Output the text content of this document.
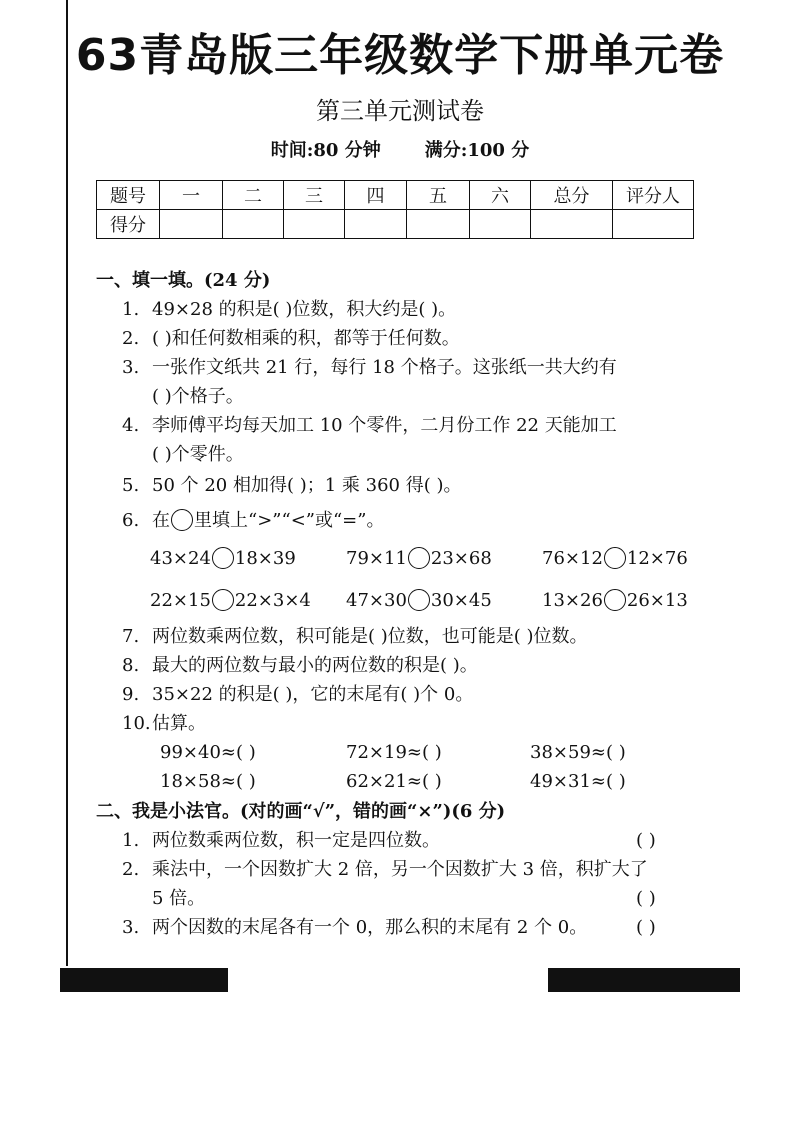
63青岛版三年级数学下册单元卷
第三单元测试卷
时间:80 分钟 满分:100 分
题号	一	二	三	四	五	六	总分	评分人
得分								
一、填一填。(24 分)
1. 49×28 的积是( )位数，积大约是( )。
2. ( )和任何数相乘的积，都等于任何数。
3. 一张作文纸共 21 行，每行 18 个格子。这张纸一共大约有
( )个格子。
4. 李师傅平均每天加工 10 个零件，二月份工作 22 天能加工
( )个零件。
5. 50 个 20 相加得( )；1 乘 360 得( )。
6. 在 里填上“>”“<”或“=”。
43×24 18×39	79×11 23×68	76×12 12×76
22×15 22×3×4 47×30 30×45	13×26 26×13
7. 两位数乘两位数，积可能是( )位数，也可能是( )位数。
8. 最大的两位数与最小的两位数的积是( )。
9. 35×22 的积是( )，它的末尾有( )个 0。
10.估算。
99×40≈( )	72×19≈( )	38×59≈( )
18×58≈( )	62×21≈( )	49×31≈( )
二、我是小法官。(对的画“√”，错的画“×”)(6 分)
1. 两位数乘两位数，积一定是四位数。	( )
2. 乘法中，一个因数扩大 2 倍，另一个因数扩大 3 倍，积扩大了
5 倍。	( )
3. 两个因数的末尾各有一个 0，那么积的末尾有 2 个 0。	( )
